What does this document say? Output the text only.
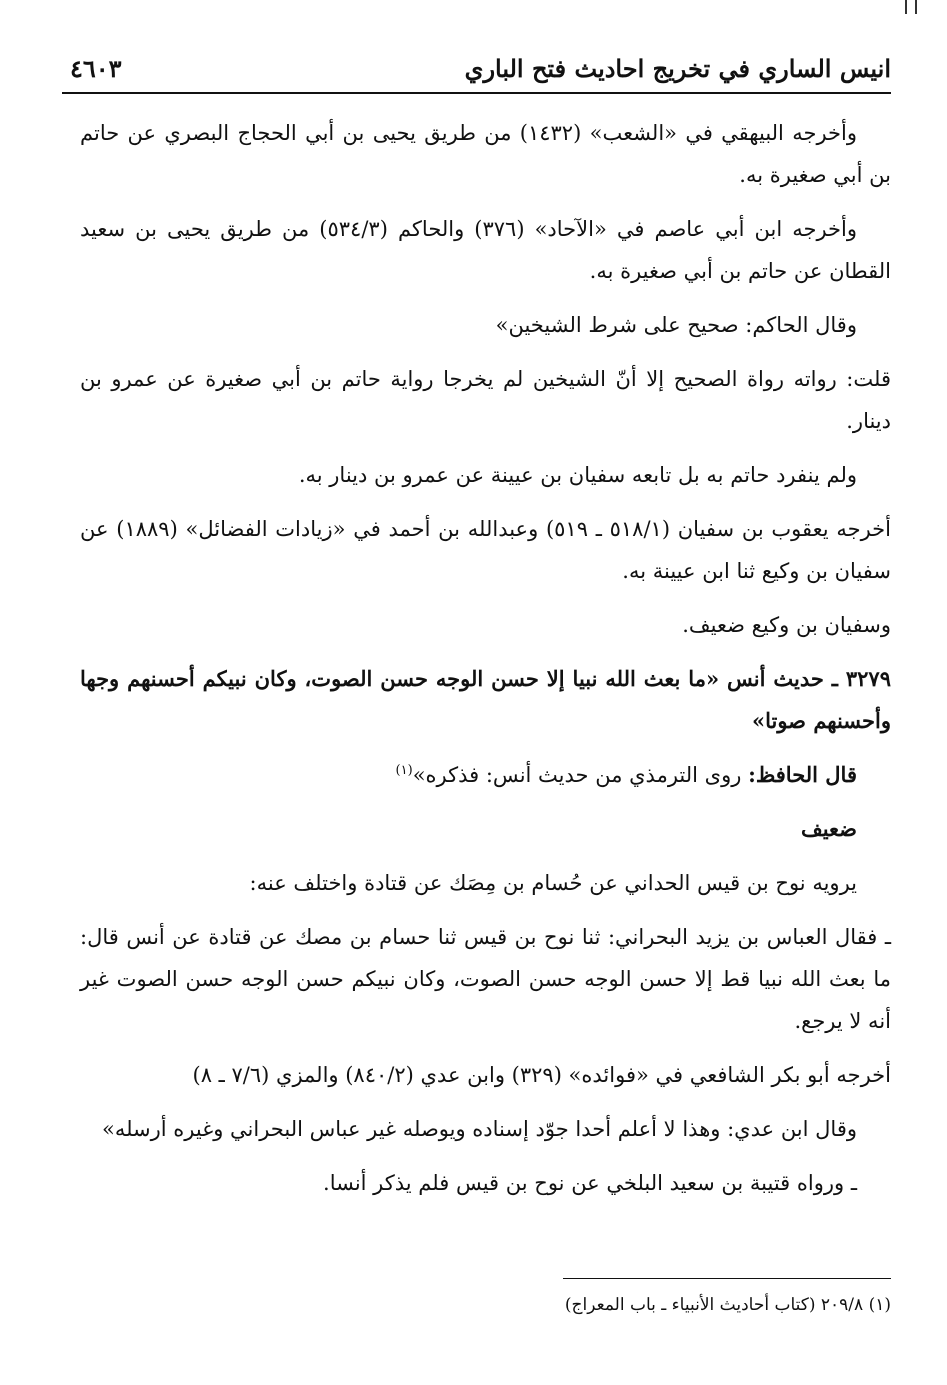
انيس الساري في تخريج احاديث فتح الباري
٤٦٠٣

وأخرجه البيهقي في «الشعب» (١٤٣٢) من طريق يحيى بن أبي الحجاج البصري عن حاتم بن أبي صغيرة به.

وأخرجه ابن أبي عاصم في «الآحاد» (٣٧٦) والحاكم (٥٣٤/٣) من طريق يحيى بن سعيد القطان عن حاتم بن أبي صغيرة به.

وقال الحاكم: صحيح على شرط الشيخين»

قلت: رواته رواة الصحيح إلا أنّ الشيخين لم يخرجا رواية حاتم بن أبي صغيرة عن عمرو بن دينار.

ولم ينفرد حاتم به بل تابعه سفيان بن عيينة عن عمرو بن دينار به.

أخرجه يعقوب بن سفيان (٥١٨/١ ـ ٥١٩) وعبدالله بن أحمد في «زيادات الفضائل» (١٨٨٩) عن سفيان بن وكيع ثنا ابن عيينة به.

وسفيان بن وكيع ضعيف.

٣٢٧٩ ـ حديث أنس «ما بعث الله نبيا إلا حسن الوجه حسن الصوت، وكان نبيكم أحسنهم وجها وأحسنهم صوتا»

قال الحافظ: روى الترمذي من حديث أنس: فذكره»$^{(١)}$

ضعيف

يرويه نوح بن قيس الحداني عن حُسام بن مِصَك عن قتادة واختلف عنه:

ـ فقال العباس بن يزيد البحراني: ثنا نوح بن قيس ثنا حسام بن مصك عن قتادة عن أنس قال: ما بعث الله نبيا قط إلا حسن الوجه حسن الصوت، وكان نبيكم حسن الوجه حسن الصوت غير أنه لا يرجع.

أخرجه أبو بكر الشافعي في «فوائده» (٣٢٩) وابن عدي (٨٤٠/٢) والمزي (٧/٦ ـ ٨)

وقال ابن عدي: وهذا لا أعلم أحدا جوّد إسناده ويوصله غير عباس البحراني وغيره أرسله»

ـ ورواه قتيبة بن سعيد البلخي عن نوح بن قيس فلم يذكر أنسا.

(١) ٢٠٩/٨ (كتاب أحاديث الأنبياء ـ باب المعراج)
